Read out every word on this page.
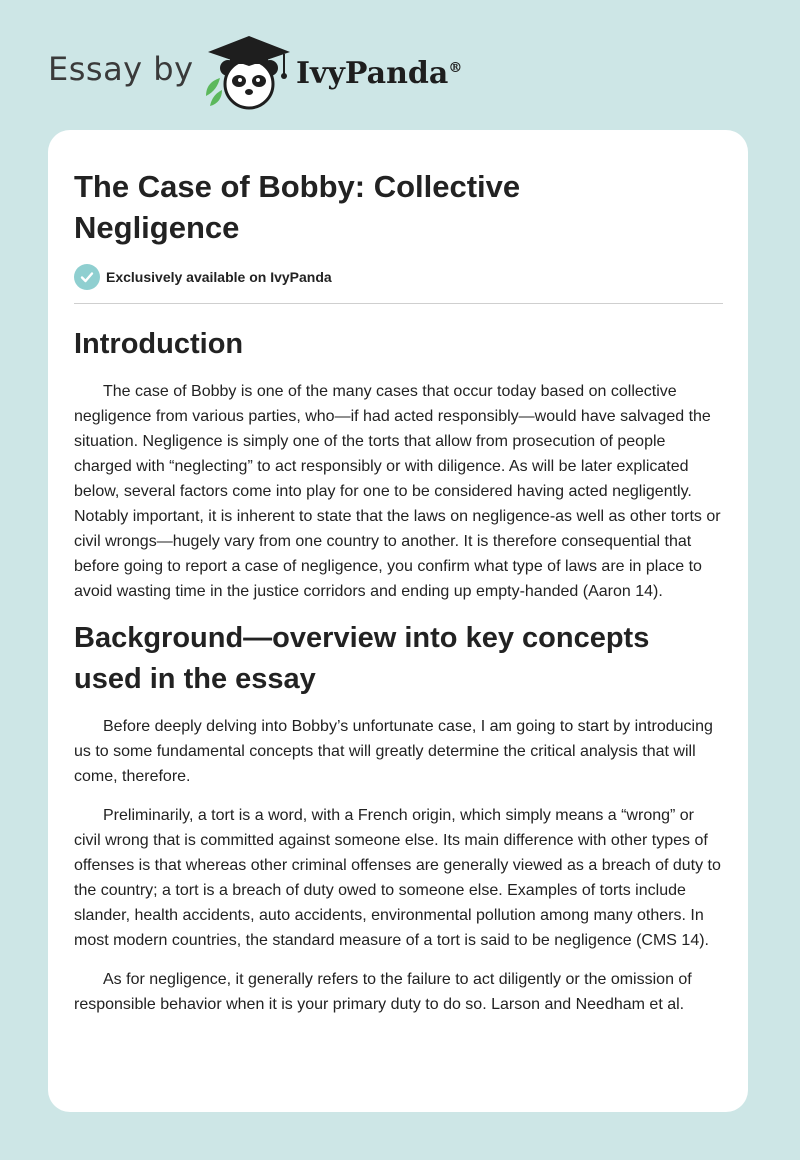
Essay by	IvyPanda®
The Case of Bobby: Collective Negligence
Exclusively available on IvyPanda
Introduction

The case of Bobby is one of the many cases that occur today based on collective negligence from various parties, who—if had acted responsibly—would have salvaged the situation. Negligence is simply one of the torts that allow from prosecution of people charged with “neglecting” to act responsibly or with diligence. As will be later explicated below, several factors come into play for one to be considered having acted negligently. Notably important, it is inherent to state that the laws on negligence-as well as other torts or civil wrongs—hugely vary from one country to another. It is therefore consequential that before going to report a case of negligence, you confirm what type of laws are in place to avoid wasting time in the justice corridors and ending up empty-handed (Aaron 14).

Background—overview into key concepts used in the essay

Before deeply delving into Bobby’s unfortunate case, I am going to start by introducing us to some fundamental concepts that will greatly determine the critical analysis that will come, therefore.

Preliminarily, a tort is a word, with a French origin, which simply means a “wrong” or civil wrong that is committed against someone else. Its main difference with other types of offenses is that whereas other criminal offenses are generally viewed as a breach of duty to the country; a tort is a breach of duty owed to someone else. Examples of torts include slander, health accidents, auto accidents, environmental pollution among many others. In most modern countries, the standard measure of a tort is said to be negligence (CMS 14).

As for negligence, it generally refers to the failure to act diligently or the omission of responsible behavior when it is your primary duty to do so. Larson and Needham et al.
